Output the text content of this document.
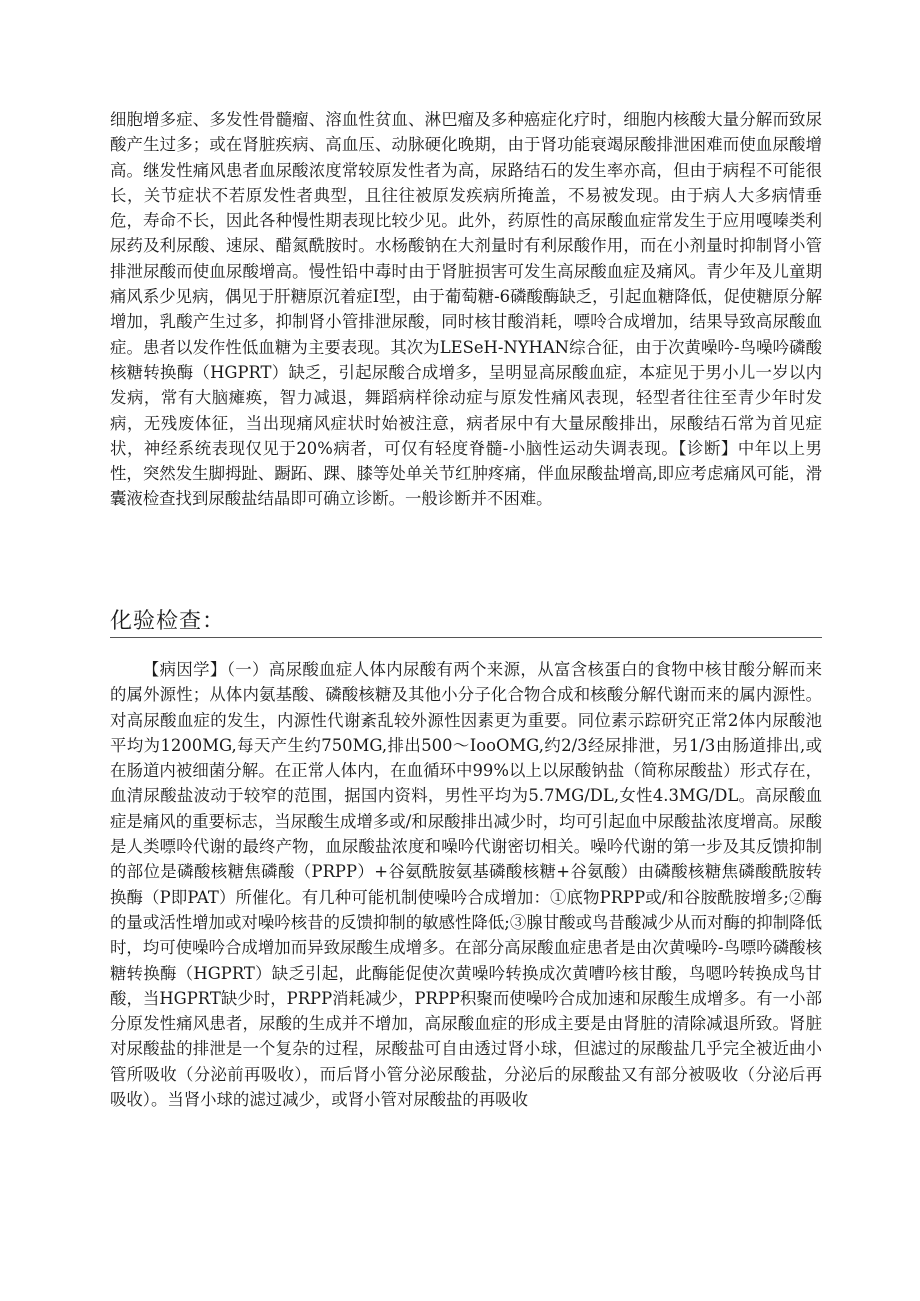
细胞增多症、多发性骨髓瘤、溶血性贫血、淋巴瘤及多种癌症化疗时，细胞内核酸大量分解而致尿酸产生过多；或在肾脏疾病、高血压、动脉硬化晚期，由于肾功能衰竭尿酸排泄困难而使血尿酸增高。继发性痛风患者血尿酸浓度常较原发性者为高，尿路结石的发生率亦高，但由于病程不可能很长，关节症状不若原发性者典型，且往往被原发疾病所掩盖，不易被发现。由于病人大多病情垂危，寿命不长，因此各种慢性期表现比较少见。此外，药原性的高尿酸血症常发生于应用嘎嗪类利尿药及利尿酸、速尿、醋氮酰胺时。水杨酸钠在大剂量时有利尿酸作用，而在小剂量时抑制肾小管排泄尿酸而使血尿酸增高。慢性铅中毒时由于肾脏损害可发生高尿酸血症及痛风。青少年及儿童期痛风系少见病，偶见于肝糖原沉着症Ⅰ型，由于葡萄糖-6磷酸酶缺乏，引起血糖降低，促使糖原分解增加，乳酸产生过多，抑制肾小管排泄尿酸，同时核甘酸消耗，嘌呤合成增加，结果导致高尿酸血症。患者以发作性低血糖为主要表现。其次为LESeH-NYHAN综合征，由于次黄噪吟-鸟噪吟磷酸核糖转换酶（HGPRT）缺乏，引起尿酸合成增多，呈明显高尿酸血症，本症见于男小儿一岁以内发病，常有大脑瘫痪，智力减退，舞蹈病样徐动症与原发性痛风表现，轻型者往往至青少年时发病，无残废体征，当出现痛风症状时始被注意，病者尿中有大量尿酸排出，尿酸结石常为首见症状，神经系统表现仅见于20%病者，可仅有轻度脊髓-小脑性运动失调表现。【诊断】中年以上男性，突然发生脚拇趾、蹰跖、踝、膝等处单关节红肿疼痛，伴血尿酸盐增高,即应考虑痛风可能，滑囊液检查找到尿酸盐结晶即可确立诊断。一般诊断并不困难。

化验检查：

【病因学】（一）高尿酸血症人体内尿酸有两个来源，从富含核蛋白的食物中核甘酸分解而来的属外源性；从体内氨基酸、磷酸核糖及其他小分子化合物合成和核酸分解代谢而来的属内源性。对高尿酸血症的发生，内源性代谢紊乱较外源性因素更为重要。同位素示踪研究正常2体内尿酸池平均为1200MG,每天产生约750MG,排出500～IooOMG,约2/3经尿排泄，另1/3由肠道排出,或在肠道内被细菌分解。在正常人体内，在血循环中99%以上以尿酸钠盐（简称尿酸盐）形式存在，血清尿酸盐波动于较窄的范围，据国内资料，男性平均为5.7MG/DL,女性4.3MG/DL。高尿酸血症是痛风的重要标志，当尿酸生成增多或/和尿酸排出减少时，均可引起血中尿酸盐浓度增高。尿酸是人类嘌呤代谢的最终产物，血尿酸盐浓度和噪吟代谢密切相关。噪吟代谢的第一步及其反馈抑制的部位是磷酸核糖焦磷酸（PRPP）+谷氨酰胺氨基磷酸核糖+谷氨酸）由磷酸核糖焦磷酸酰胺转换酶（P即PAT）所催化。有几种可能机制使噪吟合成增加：①底物PRPP或/和谷胺酰胺增多;②酶的量或活性增加或对噪吟核昔的反馈抑制的敏感性降低;③腺甘酸或鸟昔酸减少从而对酶的抑制降低时，均可使噪吟合成增加而异致尿酸生成增多。在部分高尿酸血症患者是由次黄噪吟-鸟嘌吟磷酸核糖转换酶（HGPRT）缺乏引起，此酶能促使次黄噪吟转换成次黄嘈吟核甘酸，鸟嗯吟转换成鸟甘酸，当HGPRT缺少时，PRPP消耗减少，PRPP积聚而使噪吟合成加速和尿酸生成增多。有一小部分原发性痛风患者，尿酸的生成并不增加，高尿酸血症的形成主要是由肾脏的清除减退所致。肾脏对尿酸盐的排泄是一个复杂的过程，尿酸盐可自由透过肾小球，但滤过的尿酸盐几乎完全被近曲小管所吸收（分泌前再吸收），而后肾小管分泌尿酸盐，分泌后的尿酸盐又有部分被吸收（分泌后再吸收）。当肾小球的滤过减少，或肾小管对尿酸盐的再吸收
